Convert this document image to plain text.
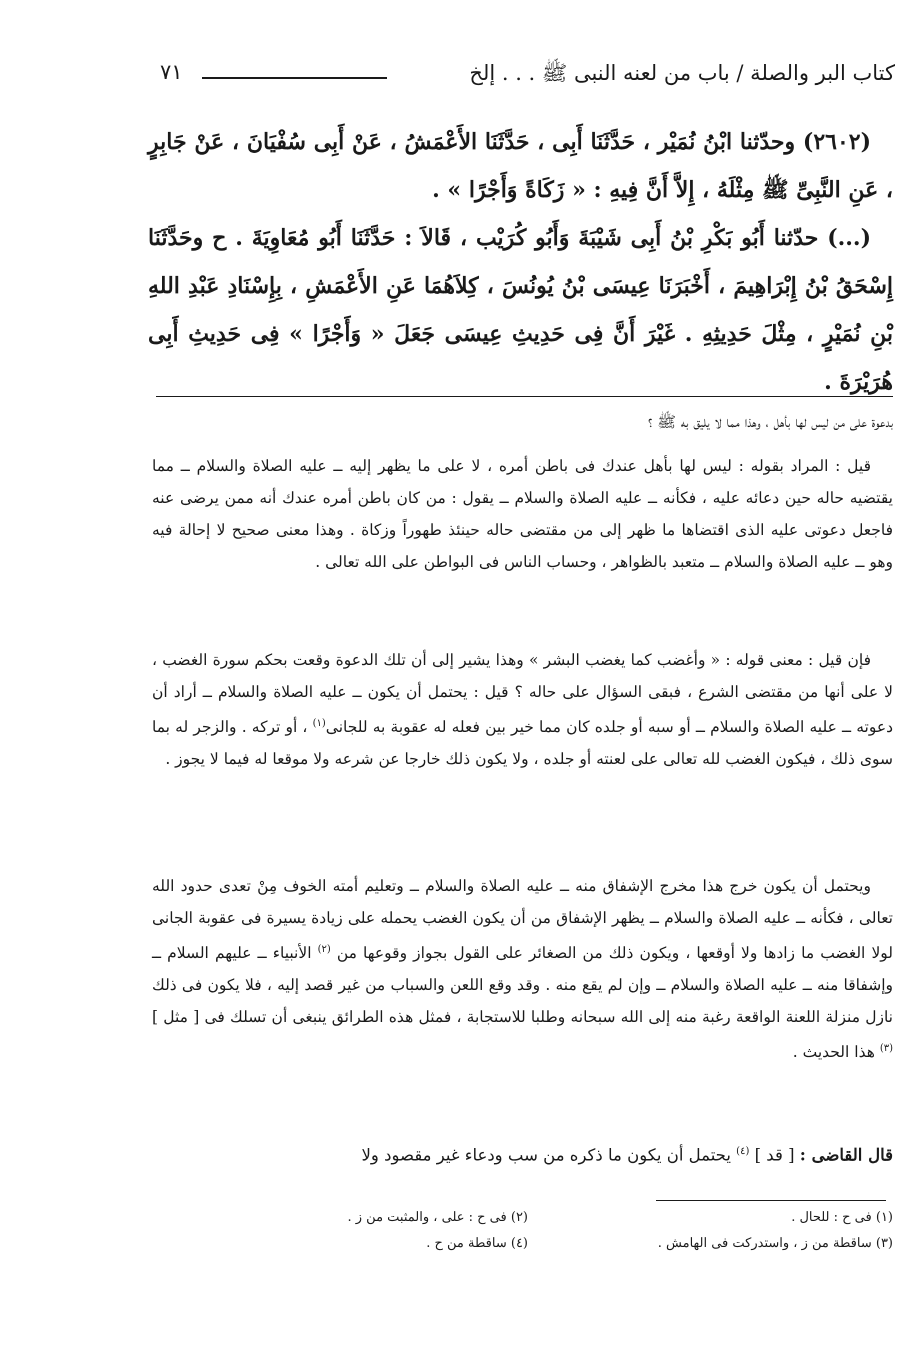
كتاب البر والصلة / باب من لعنه النبى ﷺ . . . إلخ
٧١

(٢٦٠٢) وحدّثنا ابْنُ نُمَيْر ، حَدَّثَنَا أَبِى ، حَدَّثَنَا الأَعْمَشُ ، عَنْ أَبِى سُفْيَانَ ، عَنْ جَابِرٍ ، عَنِ النَّبِىِّ ﷺ مِثْلَهُ ، إِلاَّ أَنَّ فِيهِ : « زَكَاةً وَأَجْرًا » .

(...) حدّثنا أَبُو بَكْرِ بْنُ أَبِى شَيْبَةَ وَأَبُو كُرَيْب ، قَالاَ : حَدَّثَنَا أَبُو مُعَاوِيَةَ . ح وحَدَّثَنَا إِسْحَقُ بْنُ إِبْرَاهِيمَ ، أَخْبَرَنَا عِيسَى بْنُ يُونُسَ ، كِلاَهُمَا عَنِ الأَعْمَشِ ، بِإِسْنَادِ عَبْدِ اللهِ بْنِ نُمَيْرٍ ، مِثْلَ حَدِيثِهِ . غَيْرَ أَنَّ فِى حَدِيثِ عِيسَى جَعَلَ « وَأَجْرًا » فِى حَدِيثِ أَبِى هُرَيْرَةَ .

بدعوة على من ليس لها بأهل ، وهذا مما لا يليق به ﷺ ؟

قيل : المراد بقوله : ليس لها بأهل عندك فى باطن أمره ، لا على ما يظهر إليه ــ عليه الصلاة والسلام ــ مما يقتضيه حاله حين دعائه عليه ، فكأنه ــ عليه الصلاة والسلام ــ يقول : من كان باطن أمره عندك أنه ممن يرضى عنه فاجعل دعوتى عليه الذى اقتضاها ما ظهر إلى من مقتضى حاله حينئذ طهوراً وزكاة . وهذا معنى صحيح لا إحالة فيه وهو ــ عليه الصلاة والسلام ــ متعبد بالظواهر ، وحساب الناس فى البواطن على الله تعالى .

فإن قيل : معنى قوله : « وأغضب كما يغضب البشر » وهذا يشير إلى أن تلك الدعوة وقعت بحكم سورة الغضب ، لا على أنها من مقتضى الشرع ، فبقى السؤال على حاله ؟ قيل : يحتمل أن يكون ــ عليه الصلاة والسلام ــ أراد أن دعوته ــ عليه الصلاة والسلام ــ أو سبه أو جلده كان مما خير بين فعله له عقوبة به للجانى$^{(١)}$ ، أو تركه . والزجر له بما سوى ذلك ، فيكون الغضب لله تعالى على لعنته أو جلده ، ولا يكون ذلك خارجا عن شرعه ولا موقعا له فيما لا يجوز .

ويحتمل أن يكون خرج هذا مخرج الإشفاق منه ــ عليه الصلاة والسلام ــ وتعليم أمته الخوف مِنْ تعدى حدود الله تعالى ، فكأنه ــ عليه الصلاة والسلام ــ يظهر الإشفاق من أن يكون الغضب يحمله على زيادة يسيرة فى عقوبة الجانى لولا الغضب ما زادها ولا أوقعها ، ويكون ذلك من الصغائر على القول بجواز وقوعها من $^{(٢)}$ الأنبياء ــ عليهم السلام ــ وإشفاقا منه ــ عليه الصلاة والسلام ــ وإن لم يقع منه . وقد وقع اللعن والسباب من غير قصد إليه ، فلا يكون فى ذلك نازل منزلة اللعنة الواقعة رغبة منه إلى الله سبحانه وطلبا للاستجابة ، فمثل هذه الطرائق ينبغى أن تسلك فى [ مثل ] $^{(٣)}$ هذا الحديث .

قال القاضى : [ قد ] $^{(٤)}$ يحتمل أن يكون ما ذكره من سب ودعاء غير مقصود ولا

(١) فى ح : للحال .
(٢) فى ح : على ، والمثبت من ز .
(٣) ساقطة من ز ، واستدركت فى الهامش .
(٤) ساقطة من ح .
